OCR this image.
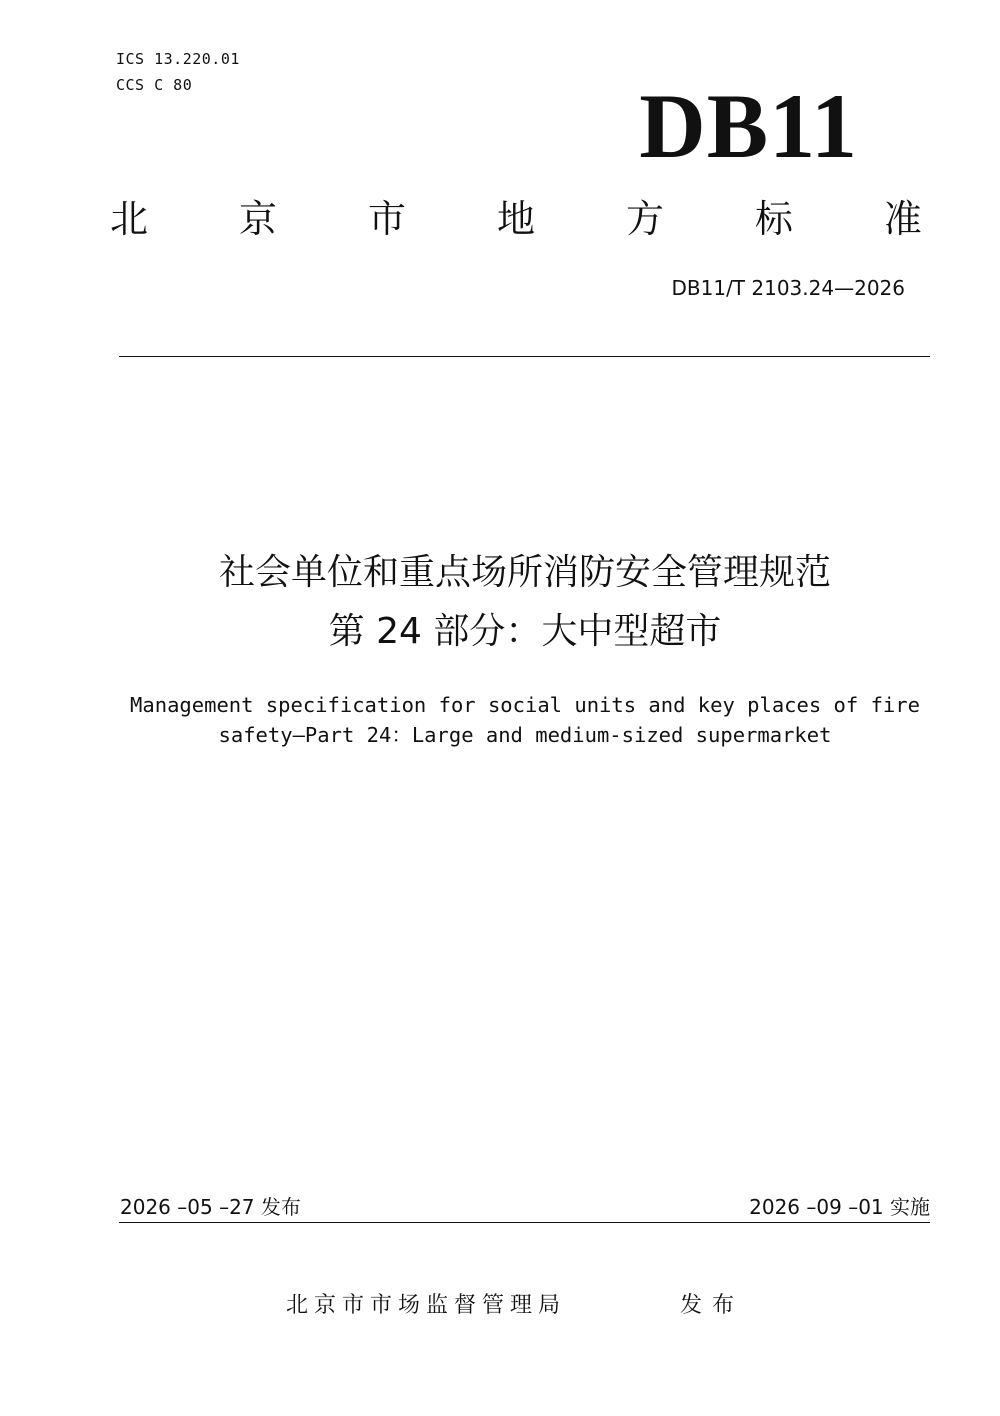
ICS 13.220.01
CCS C 80	DB11
北 京 市 地 方 标 准
DB11/T 2103.24—2026
社会单位和重点场所消防安全管理规范
第 24 部分：大中型超市
Management specification for social units and key places of fire
safety—Part 24：Large and medium-sized supermarket
2026 –05 –27 发布	2026 –09 –01 实施
北京市市场监督管理局	发布
